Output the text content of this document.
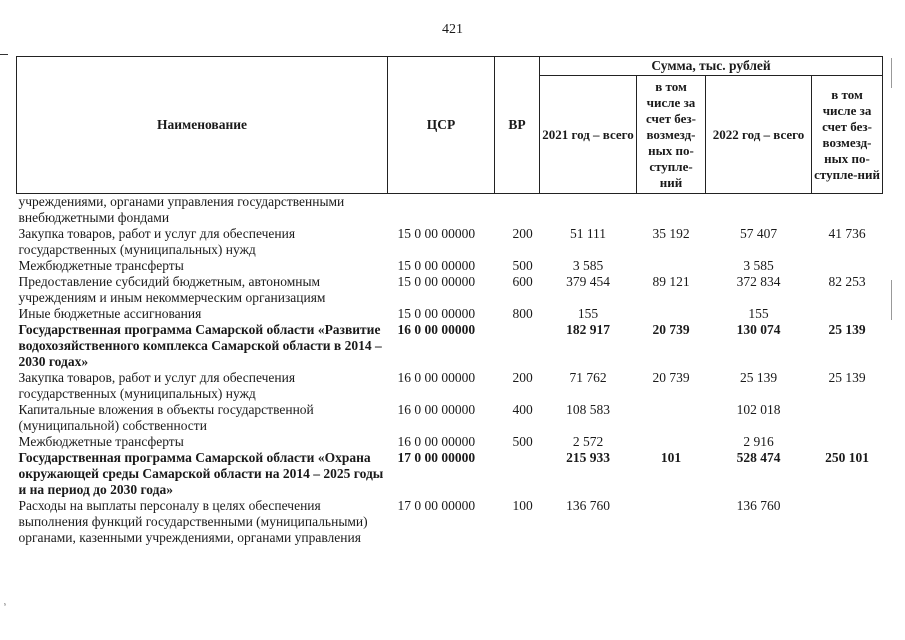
421
ˢ
Наименование	ЦСР	ВР	Сумма, тыс. рублей			
			2021 год – всего	в том числе за счет без-возмезд-ных по-ступле-ний	2022 год – всего	в том числе за счет без-возмезд-ных по-ступле-ний
учреждениями, органами управления государственными внебюджетными фондами						
Закупка товаров, работ и услуг для обеспечения государственных (муниципальных) нужд	15 0 00 00000	200	51 111	35 192	57 407	41 736
Межбюджетные трансферты	15 0 00 00000	500	3 585		3 585	
Предоставление субсидий бюджетным, автономным учреждениям и иным некоммерческим организациям	15 0 00 00000	600	379 454	89 121	372 834	82 253
Иные бюджетные ассигнования	15 0 00 00000	800	155		155	
Государственная программа Самарской области «Развитие водохозяйственного комплекса Самарской области в 2014 – 2030 годах»	16 0 00 00000		182 917	20 739	130 074	25 139
Закупка товаров, работ и услуг для обеспечения государственных (муниципальных) нужд	16 0 00 00000	200	71 762	20 739	25 139	25 139
Капитальные вложения в объекты государственной (муниципальной) собственности	16 0 00 00000	400	108 583		102 018	
Межбюджетные трансферты	16 0 00 00000	500	2 572		2 916	
Государственная программа Самарской области «Охрана окружающей среды Самарской области на 2014 – 2025 годы и на период до 2030 года»	17 0 00 00000		215 933	101	528 474	250 101
Расходы на выплаты персоналу в целях обеспечения выполнения функций государственными (муниципальными) органами, казенными учреждениями, органами управления	17 0 00 00000	100	136 760		136 760	
